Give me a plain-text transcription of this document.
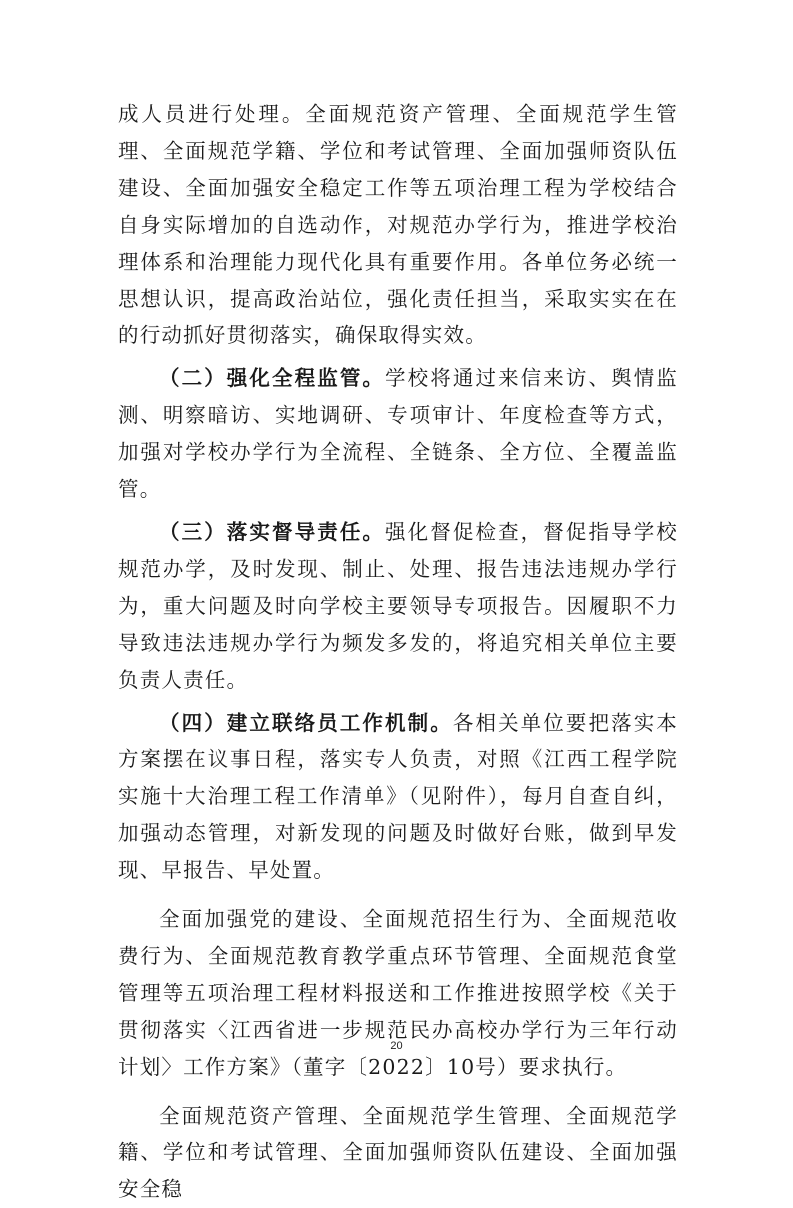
成人员进行处理。全面规范资产管理、全面规范学生管理、全面规范学籍、学位和考试管理、全面加强师资队伍建设、全面加强安全稳定工作等五项治理工程为学校结合自身实际增加的自选动作，对规范办学行为，推进学校治理体系和治理能力现代化具有重要作用。各单位务必统一思想认识，提高政治站位，强化责任担当，采取实实在在的行动抓好贯彻落实，确保取得实效。

（二）强化全程监管。学校将通过来信来访、舆情监测、明察暗访、实地调研、专项审计、年度检查等方式，加强对学校办学行为全流程、全链条、全方位、全覆盖监管。

（三）落实督导责任。强化督促检查，督促指导学校规范办学，及时发现、制止、处理、报告违法违规办学行为，重大问题及时向学校主要领导专项报告。因履职不力导致违法违规办学行为频发多发的，将追究相关单位主要负责人责任。

（四）建立联络员工作机制。各相关单位要把落实本方案摆在议事日程，落实专人负责，对照《江西工程学院实施十大治理工程工作清单》（见附件），每月自查自纠，加强动态管理，对新发现的问题及时做好台账，做到早发现、早报告、早处置。

全面加强党的建设、全面规范招生行为、全面规范收费行为、全面规范教育教学重点环节管理、全面规范食堂管理等五项治理工程材料报送和工作推进按照学校《关于贯彻落实〈江西省进一步规范民办高校办学行为三年行动计划〉工作方案》（董字〔2022〕10号）要求执行。

全面规范资产管理、全面规范学生管理、全面规范学籍、学位和考试管理、全面加强师资队伍建设、全面加强安全稳

20
